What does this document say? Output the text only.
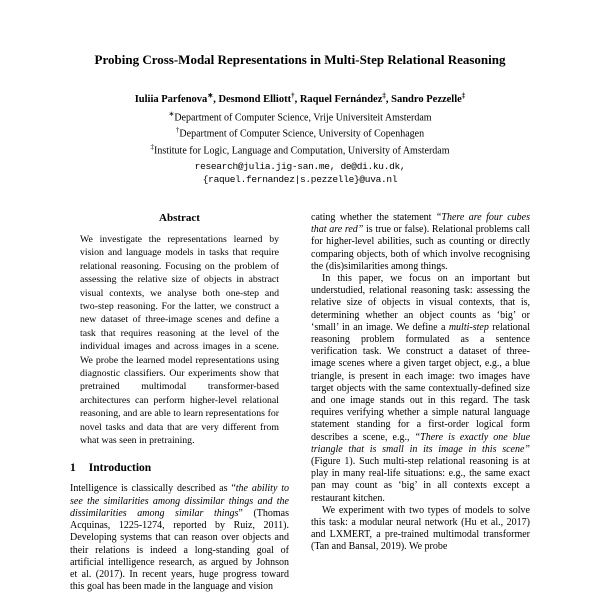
Probing Cross-Modal Representations in Multi-Step Relational Reasoning
Iuliia Parfenova∗, Desmond Elliott†, Raquel Fernández‡, Sandro Pezzelle‡
∗Department of Computer Science, Vrije Universiteit Amsterdam
†Department of Computer Science, University of Copenhagen
‡Institute for Logic, Language and Computation, University of Amsterdam
research@julia.jig-san.me, de@di.ku.dk,
{raquel.fernandez|s.pezzelle}@uva.nl
Abstract

We investigate the representations learned by vision and language models in tasks that require relational reasoning. Focusing on the problem of assessing the relative size of objects in abstract visual contexts, we analyse both one-step and two-step reasoning. For the latter, we construct a new dataset of three-image scenes and define a task that requires reasoning at the level of the individual images and across images in a scene. We probe the learned model representations using diagnostic classifiers. Our experiments show that pretrained multimodal transformer-based architectures can perform higher-level relational reasoning, and are able to learn representations for novel tasks and data that are very different from what was seen in pretraining.

1 Introduction

Intelligence is classically described as “the ability to see the similarities among dissimilar things and the dissimilarities among similar things” (Thomas Acquinas, 1225-1274, reported by Ruiz, 2011). Developing systems that can reason over objects and their relations is indeed a long-standing goal of artificial intelligence research, as argued by Johnson et al. (2017). In recent years, huge progress toward this goal has been made in the language and vision

cating whether the statement “There are four cubes that are red” is true or false). Relational problems call for higher-level abilities, such as counting or directly comparing objects, both of which involve recognising the (dis)similarities among things.

In this paper, we focus on an important but understudied, relational reasoning task: assessing the relative size of objects in visual contexts, that is, determining whether an object counts as ‘big’ or ‘small’ in an image. We define a multi-step relational reasoning problem formulated as a sentence verification task. We construct a dataset of three-image scenes where a given target object, e.g., a blue triangle, is present in each image: two images have target objects with the same contextually-defined size and one image stands out in this regard. The task requires verifying whether a simple natural language statement standing for a first-order logical form describes a scene, e.g., “There is exactly one blue triangle that is small in its image in this scene” (Figure 1). Such multi-step relational reasoning is at play in many real-life situations: e.g., the same exact pan may count as ‘big’ in all contexts except a restaurant kitchen.

We experiment with two types of models to solve this task: a modular neural network (Hu et al., 2017) and LXMERT, a pre-trained multimodal transformer (Tan and Bansal, 2019). We probe
